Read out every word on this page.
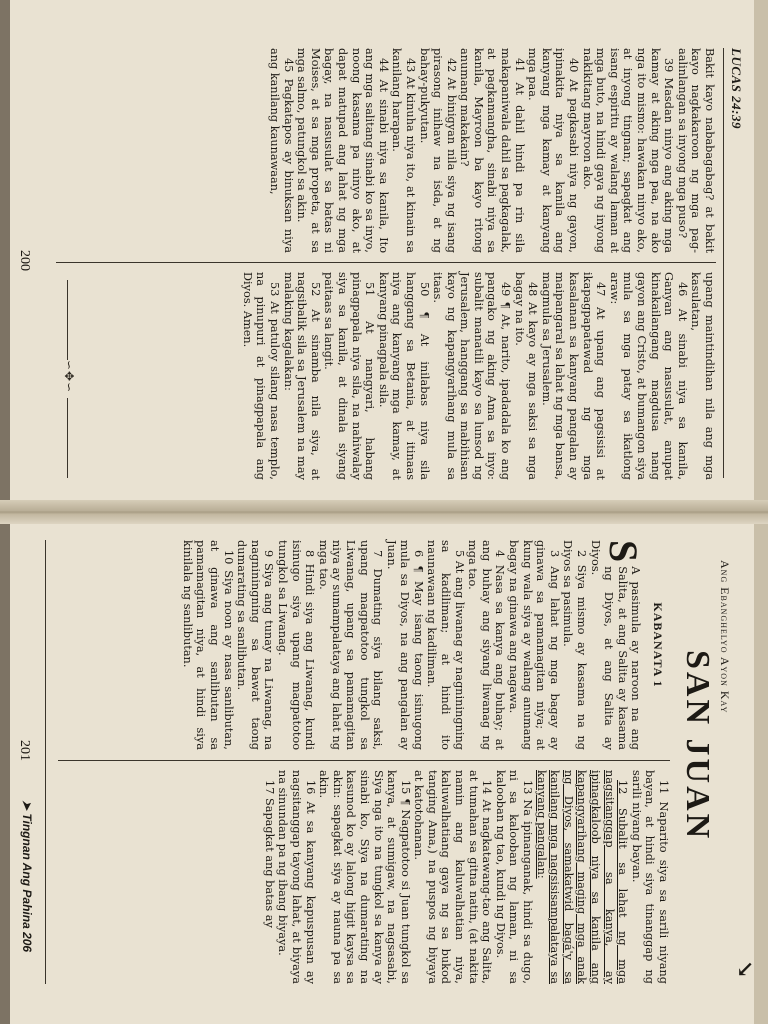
LUCAS 24:39

Bakit kayo nababagabag? at bakit kayo nagkakaroon ng mga pag-aalinlangan sa inyong mga puso?

39 Masdan ninyo ang aking mga kamay at aking mga paa, na ako nga ito mismo: hawakan ninyo ako, at inyong tingnan; sapagkat ang isang espiritu ay walang laman at mga buto, na hindi gaya ng inyong nakikitang mayroon ako.

40 At pagkasabi niya ng gayon, ipinakita niya sa kanila ang kanyang mga kamay at kanyang mga paa.

41 At dahil hindi pa rin sila makapaniwala dahil sa pagkagalak, at pagkamangha, sinabi niya sa kanila, Mayroon ba kayo ritong anumang makakain?

42 At binigyan nila siya ng isang pirasong inihaw na isda, at ng bahay-pukyutan.

43 At kinuha niya ito, at kinain sa kanilang harapan.

44 At sinabi niya sa kanila, Ito ang mga salitang sinabi ko sa inyo, noong kasama pa ninyo ako, at dapat matupad ang lahat ng mga bagay, na nasusulat sa batas ni Moises, at sa mga propeta, at sa mga salmo, patungkol sa akin.

45 Pagkatapos ay binuksan niya ang kanilang kaunawaan,

upang maintindihan nila ang mga kasulatan,

46 At sinabi niya sa kanila, Ganyan ang nasusulat, anupat kinakailangang magdusa nang gayon ang Cristo, at bumangon siya mula sa mga patay sa ikatlong araw:

47 At upang ang pagsisisi at ikapagpapatawad ng mga kasalanan sa kanyang pangalan ay maipangaral sa lahat ng mga bansa, magmula sa Jerusalem.

48 At kayo ay mga saksi sa mga bagay na ito.

49 ¶ At, narito, ipadadala ko ang pangako ng aking Ama sa inyo: subalit manatili kayo sa lunsod ng Jerusalem, hanggang sa mabihisan kayo ng kapangyarihang mula sa itaas.

50 ¶ At inilabas niya sila hanggang sa Betania, at itinaas niya ang kanyang mga kamay, at kanyang pinagpala sila.

51 At nangyari, habang pinagpapala niya sila, na nahiwalay siya sa kanila, at dinala siyang paitaas sa langit.

52 At sinamba nila siya, at nagsibalik sila sa Jerusalem na may malaking kagalakan:

53 At patuloy silang nasa templo, na pinupuri at pinagpapala ang Diyos. Amen.

∽✥∽
200
Ang Ebanghelyo Ayon Kay
SAN JUAN
↘
KABANATA 1

S
A pasimula ay naroon na ang Salita, at ang Salita ay kasama ng Diyos, at ang Salita ay Diyos.

2 Siya mismo ay kasama na ng Diyos sa pasimula.

3 Ang lahat ng mga bagay ay ginawa sa pamamagitan niya; at kung wala siya ay walang anumang bagay na ginawa ang nagawa.

4 Nasa sa kanya ang buhay; at ang buhay ang siyang liwanag ng mga tao.

5 At ang liwanag ay nagniningning sa kadiliman; at hindi ito naunawaan ng kadiliman.

6 ¶ May isang taong isinugong mula sa Diyos, na ang pangalan ay Juan.

7 Dumating siya bilang saksi, upang magpatotoo tungkol sa Liwanag, upang sa pamamagitan niya ay sumampalataya ang lahat ng mga tao.

8 Hindi siya ang Liwanag, kundi isinugo siya upang magpatotoo tungkol sa Liwanag.

9 Siya ang tunay na Liwanag, na nagniningning sa bawat taong dumarating sa sanlibutan.

10 Siya noon ay nasa sanlibutan, at ginawa ang sanlibutan sa pamamagitan niya, at hindi siya kinilala ng sanlibutan.

11 Naparito siya sa sarili niyang bayan, at hindi siya tinanggap ng sarili niyang bayan.

12 Subalit sa lahat ng mga nagsitanggap sa kanya, ay ipinagkaloob niya sa kanila ang kapangyarihang maging mga anak ng Diyos, samakatwid bagá'y sa kanilang mga nagsisisampalataya sa kanyang pangalan:

13 Na ipinanganak, hindi sa dugo, ni sa kalooban ng laman, ni sa kalooban ng tao, kundi ng Diyos.

14 At nagkatawang-tao ang Salita, at tumahan sa gitna natin, (at nakita namin ang kaluwalhatian niya, kaluwalhatiang gaya ng sa bukod tanging Ama,) na puspos ng biyaya at katotohanan.

15 ¶ Nagpatotoo si Juan tungkol sa kanya, at sumigaw, na nagsasabi, Siya nga ito na tungkol sa kanya ay sinabi ko, Siya na dumarating na kasunod ko ay lalong higit kaysa sa akin: sapagkat siya ay nauna pa sa akin.

16 At sa kanyang kapuspusan ay nagsitanggap tayong lahat, at biyaya na sinundan pa ng ibang biyaya.

17 Sapagkat ang batas ay

201
➤ Tingnan Ang Pahina 206
